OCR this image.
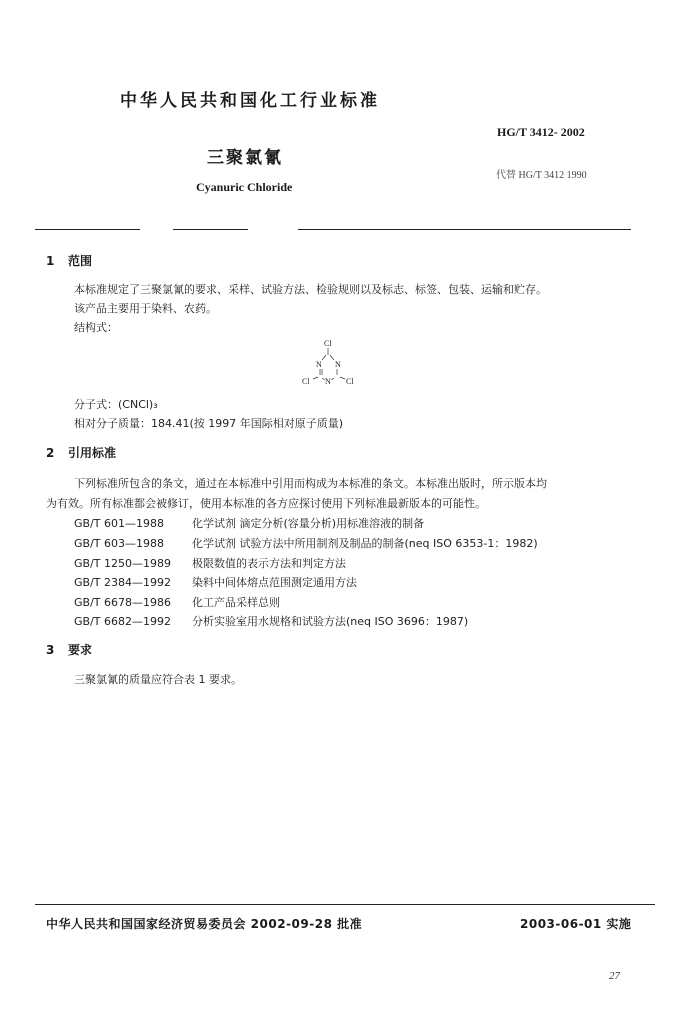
中华人民共和国化工行业标准
HG/T 3412- 2002
三聚氯氰
代替 HG/T 3412 1990
Cyanuric Chloride
1 范围
本标准规定了三聚氯氰的要求、采样、试验方法、检验规则以及标志、标签、包装、运输和贮存。
该产品主要用于染料、农药。
结构式：
Cl
N N
N
Cl	Cl
分子式：(CNCl)₃
相对分子质量：184.41(按 1997 年国际相对原子质量)
2 引用标准
下列标准所包含的条文，通过在本标准中引用而构成为本标准的条文。本标准出版时，所示版本均
为有效。所有标准都会被修订，使用本标准的各方应探讨使用下列标准最新版本的可能性。
GB/T 601—1988	化学试剂 滴定分析(容量分析)用标准溶液的制备
GB/T 603—1988	化学试剂 试验方法中所用制剂及制品的制备(neq ISO 6353-1：1982)
GB/T 1250—1989 极限数值的表示方法和判定方法
GB/T 2384—1992 染料中间体熔点范围测定通用方法
GB/T 6678—1986 化工产品采样总则
GB/T 6682—1992 分析实验室用水规格和试验方法(neq ISO 3696：1987)
3 要求
三聚氯氰的质量应符合表 1 要求。
中华人民共和国国家经济贸易委员会 2002-09-28 批准	2003-06-01 实施
27
